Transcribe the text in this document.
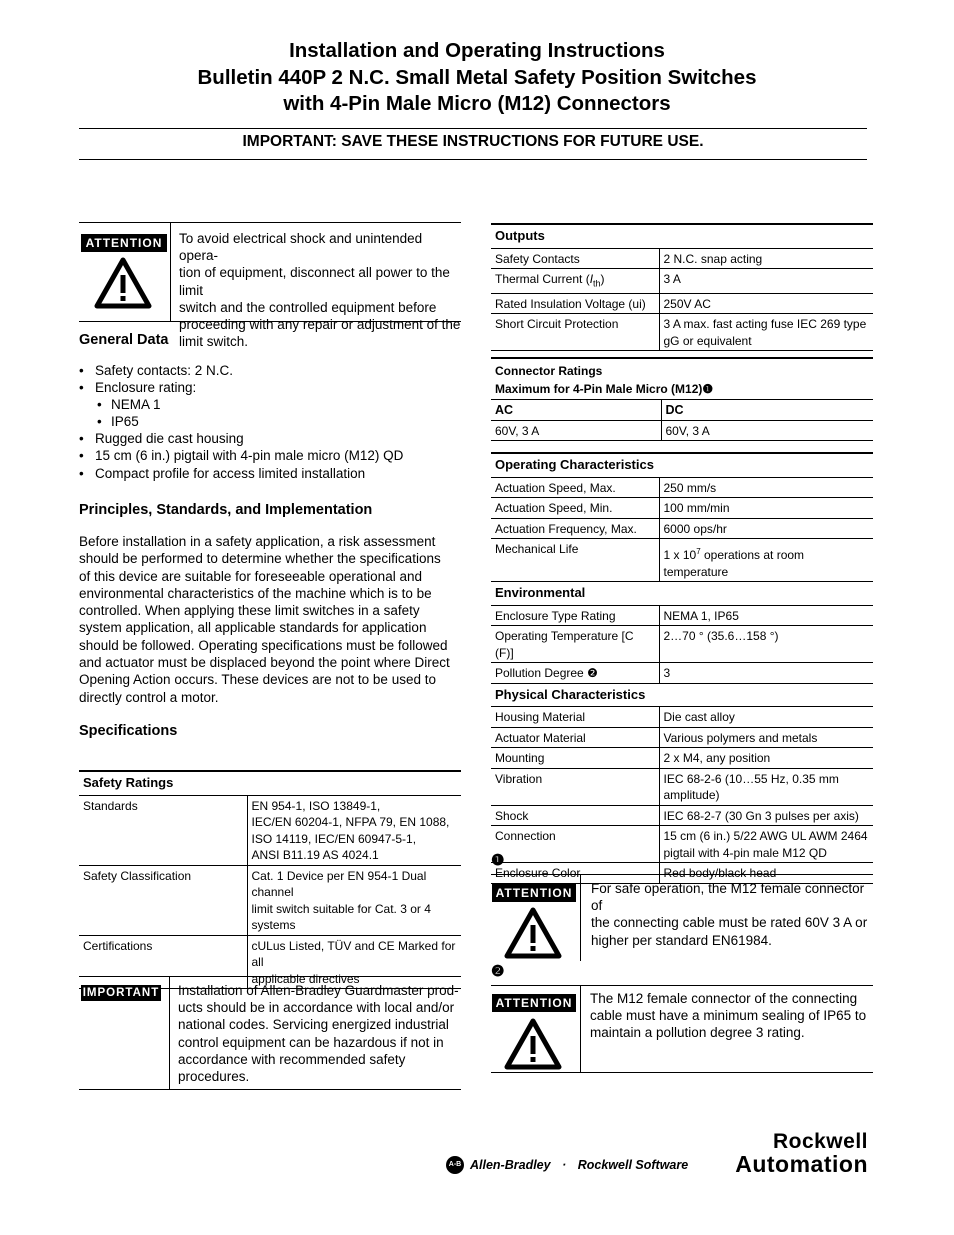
Installation and Operating Instructions
Bulletin 440P 2 N.C. Small Metal Safety Position Switches
with 4-Pin Male Micro (M12) Connectors
IMPORTANT: SAVE THESE INSTRUCTIONS FOR FUTURE USE.
ATTENTION	To avoid electrical shock and unintended opera-
tion of equipment, disconnect all power to the limit
switch and the controlled equipment before
proceeding with any repair or adjustment of the
limit switch.
General Data
• Safety contacts: 2 N.C.
• Enclosure rating:
• NEMA 1
• IP65
• Rugged die cast housing
• 15 cm (6 in.) pigtail with 4-pin male micro (M12) QD
• Compact profile for access limited installation
Principles, Standards, and Implementation
Before installation in a safety application, a risk assessment
should be performed to determine whether the specifications
of this device are suitable for foreseeable operational and
environmental characteristics of the machine which is to be
controlled. When applying these limit switches in a safety
system application, all applicable standards for application
should be followed. Operating specifications must be followed
and actuator must be displaced beyond the point where Direct
Opening Action occurs. These devices are not to be used to
directly control a motor.
Specifications
Safety Ratings	
Standards	EN 954-1, ISO 13849-1,
IEC/EN 60204-1, NFPA 79, EN 1088,
ISO 14119, IEC/EN 60947-5-1,
ANSI B11.19 AS 4024.1

Safety Classification	Cat. 1 Device per EN 954-1 Dual channel
limit switch suitable for Cat. 3 or 4
systems

Certifications	cULus Listed, TÜV and CE Marked for all
applicable directives
IMPORTANT Installation of Allen-Bradley Guardmaster prod-
ucts should be in accordance with local and/or
national codes. Servicing energized industrial
control equipment can be hazardous if not in
accordance with recommended safety
procedures.
Outputs	
Safety Contacts	2 N.C. snap acting
Thermal Current $(I_{th})$	3 A
Rated Insulation Voltage (ui)	250V AC
Short Circuit Protection	3 A max. fast acting fuse IEC 269 type
gG or equivalent
Connector Ratings
Maximum for 4-Pin Male Micro (M12)❶	

AC	DC
60V, 3 A	60V, 3 A
Operating Characteristics	
Actuation Speed, Max.	250 mm/s
Actuation Speed, Min.	100 mm/min
Actuation Frequency, Max.	6000 ops/hr
Mechanical Life	1 x $10^7$ operations at room temperature
Environmental	
Enclosure Type Rating	NEMA 1, IP65
Operating Temperature [C (F)]	2…70 ° (35.6…158 °)
Pollution Degree ❷	3
Physical Characteristics	
Housing Material	Die cast alloy
Actuator Material	Various polymers and metals
Mounting	2 x M4, any position
Vibration	IEC 68-2-6 (10…55 Hz, 0.35 mm
amplitude)

Shock	IEC 68-2-7 (30 Gn 3 pulses per axis)
Connection	15 cm (6 in.) 5/22 AWG UL AWM 2464
pigtail with 4-pin male M12 QD

Enclosure Color	Red body/black head
❶
ATTENTION For safe operation, the M12 female connector of
the connecting cable must be rated 60V 3 A or
higher per standard EN61984.
❷
ATTENTION The M12 female connector of the connecting
cable must have a minimum sealing of IP65 to
maintain a pollution degree 3 rating.
A-B Allen-Bradley · Rockwell Software
Rockwell
Automation
